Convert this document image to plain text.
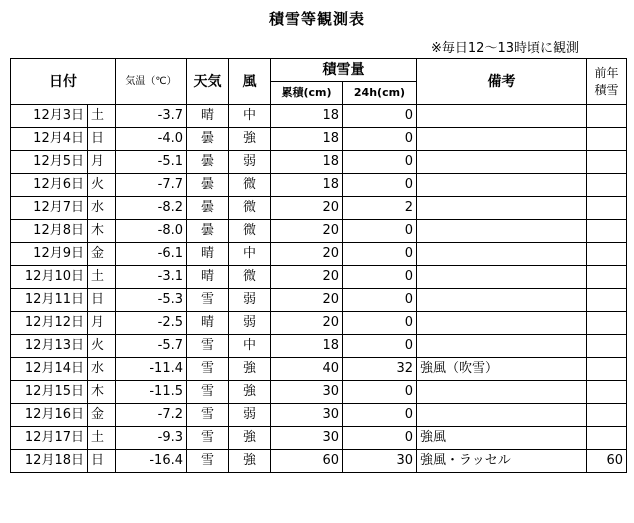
積雪等観測表
※毎日12～13時頃に観測
日付		気温（℃）	天気	風	積雪量		備考	前年
積雪
					累積(cm)	24h(cm)		
12月3日	土	-3.7	晴	中	18	0		
12月4日	日	-4.0	曇	強	18	0		
12月5日	月	-5.1	曇	弱	18	0		
12月6日	火	-7.7	曇	微	18	0		
12月7日	水	-8.2	曇	微	20	2		
12月8日	木	-8.0	曇	微	20	0		
12月9日	金	-6.1	晴	中	20	0		
12月10日	土	-3.1	晴	微	20	0		
12月11日	日	-5.3	雪	弱	20	0		
12月12日	月	-2.5	晴	弱	20	0		
12月13日	火	-5.7	雪	中	18	0		
12月14日	水	-11.4	雪	強	40	32	強風（吹雪）	
12月15日	木	-11.5	雪	強	30	0		
12月16日	金	-7.2	雪	弱	30	0		
12月17日	土	-9.3	雪	強	30	0	強風	
12月18日	日	-16.4	雪	強	60	30	強風・ラッセル	60
